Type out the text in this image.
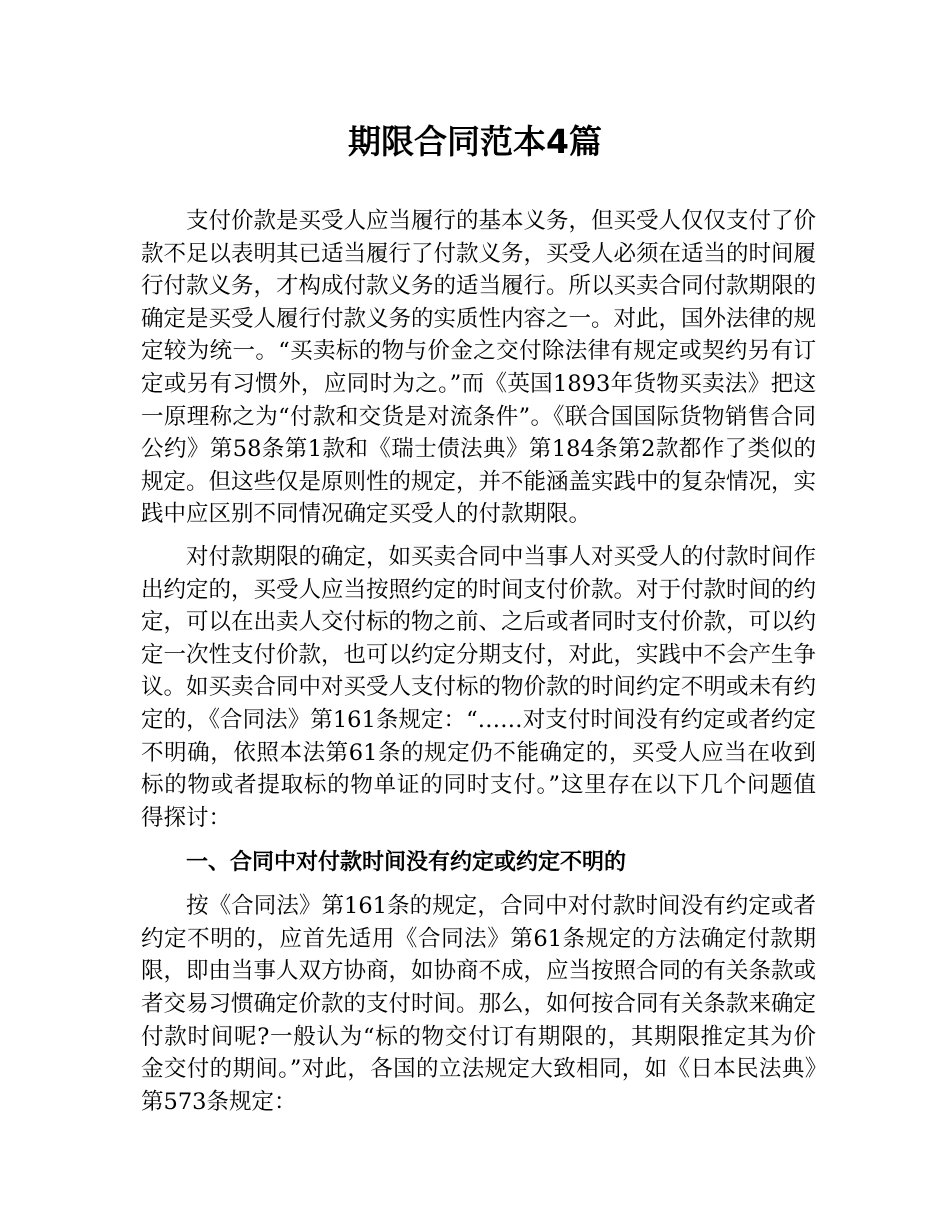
期限合同范本4篇

支付价款是买受人应当履行的基本义务，但买受人仅仅支付了价款不足以表明其已适当履行了付款义务，买受人必须在适当的时间履行付款义务，才构成付款义务的适当履行。所以买卖合同付款期限的确定是买受人履行付款义务的实质性内容之一。对此，国外法律的规定较为统一。“买卖标的物与价金之交付除法律有规定或契约另有订定或另有习惯外，应同时为之。”而《英国1893年货物买卖法》把这一原理称之为“付款和交货是对流条件”。《联合国国际货物销售合同公约》第58条第1款和《瑞士债法典》第184条第2款都作了类似的规定。但这些仅是原则性的规定，并不能涵盖实践中的复杂情况，实践中应区别不同情况确定买受人的付款期限。

对付款期限的确定，如买卖合同中当事人对买受人的付款时间作出约定的，买受人应当按照约定的时间支付价款。对于付款时间的约定，可以在出卖人交付标的物之前、之后或者同时支付价款，可以约定一次性支付价款，也可以约定分期支付，对此，实践中不会产生争议。如买卖合同中对买受人支付标的物价款的时间约定不明或未有约定的，《合同法》第161条规定：“……对支付时间没有约定或者约定不明确，依照本法第61条的规定仍不能确定的，买受人应当在收到标的物或者提取标的物单证的同时支付。”这里存在以下几个问题值得探讨：

一、合同中对付款时间没有约定或约定不明的

按《合同法》第161条的规定，合同中对付款时间没有约定或者约定不明的，应首先适用《合同法》第61条规定的方法确定付款期限，即由当事人双方协商，如协商不成，应当按照合同的有关条款或者交易习惯确定价款的支付时间。那么，如何按合同有关条款来确定付款时间呢?一般认为“标的物交付订有期限的，其期限推定其为价金交付的期间。”对此，各国的立法规定大致相同，如《日本民法典》第573条规定：
